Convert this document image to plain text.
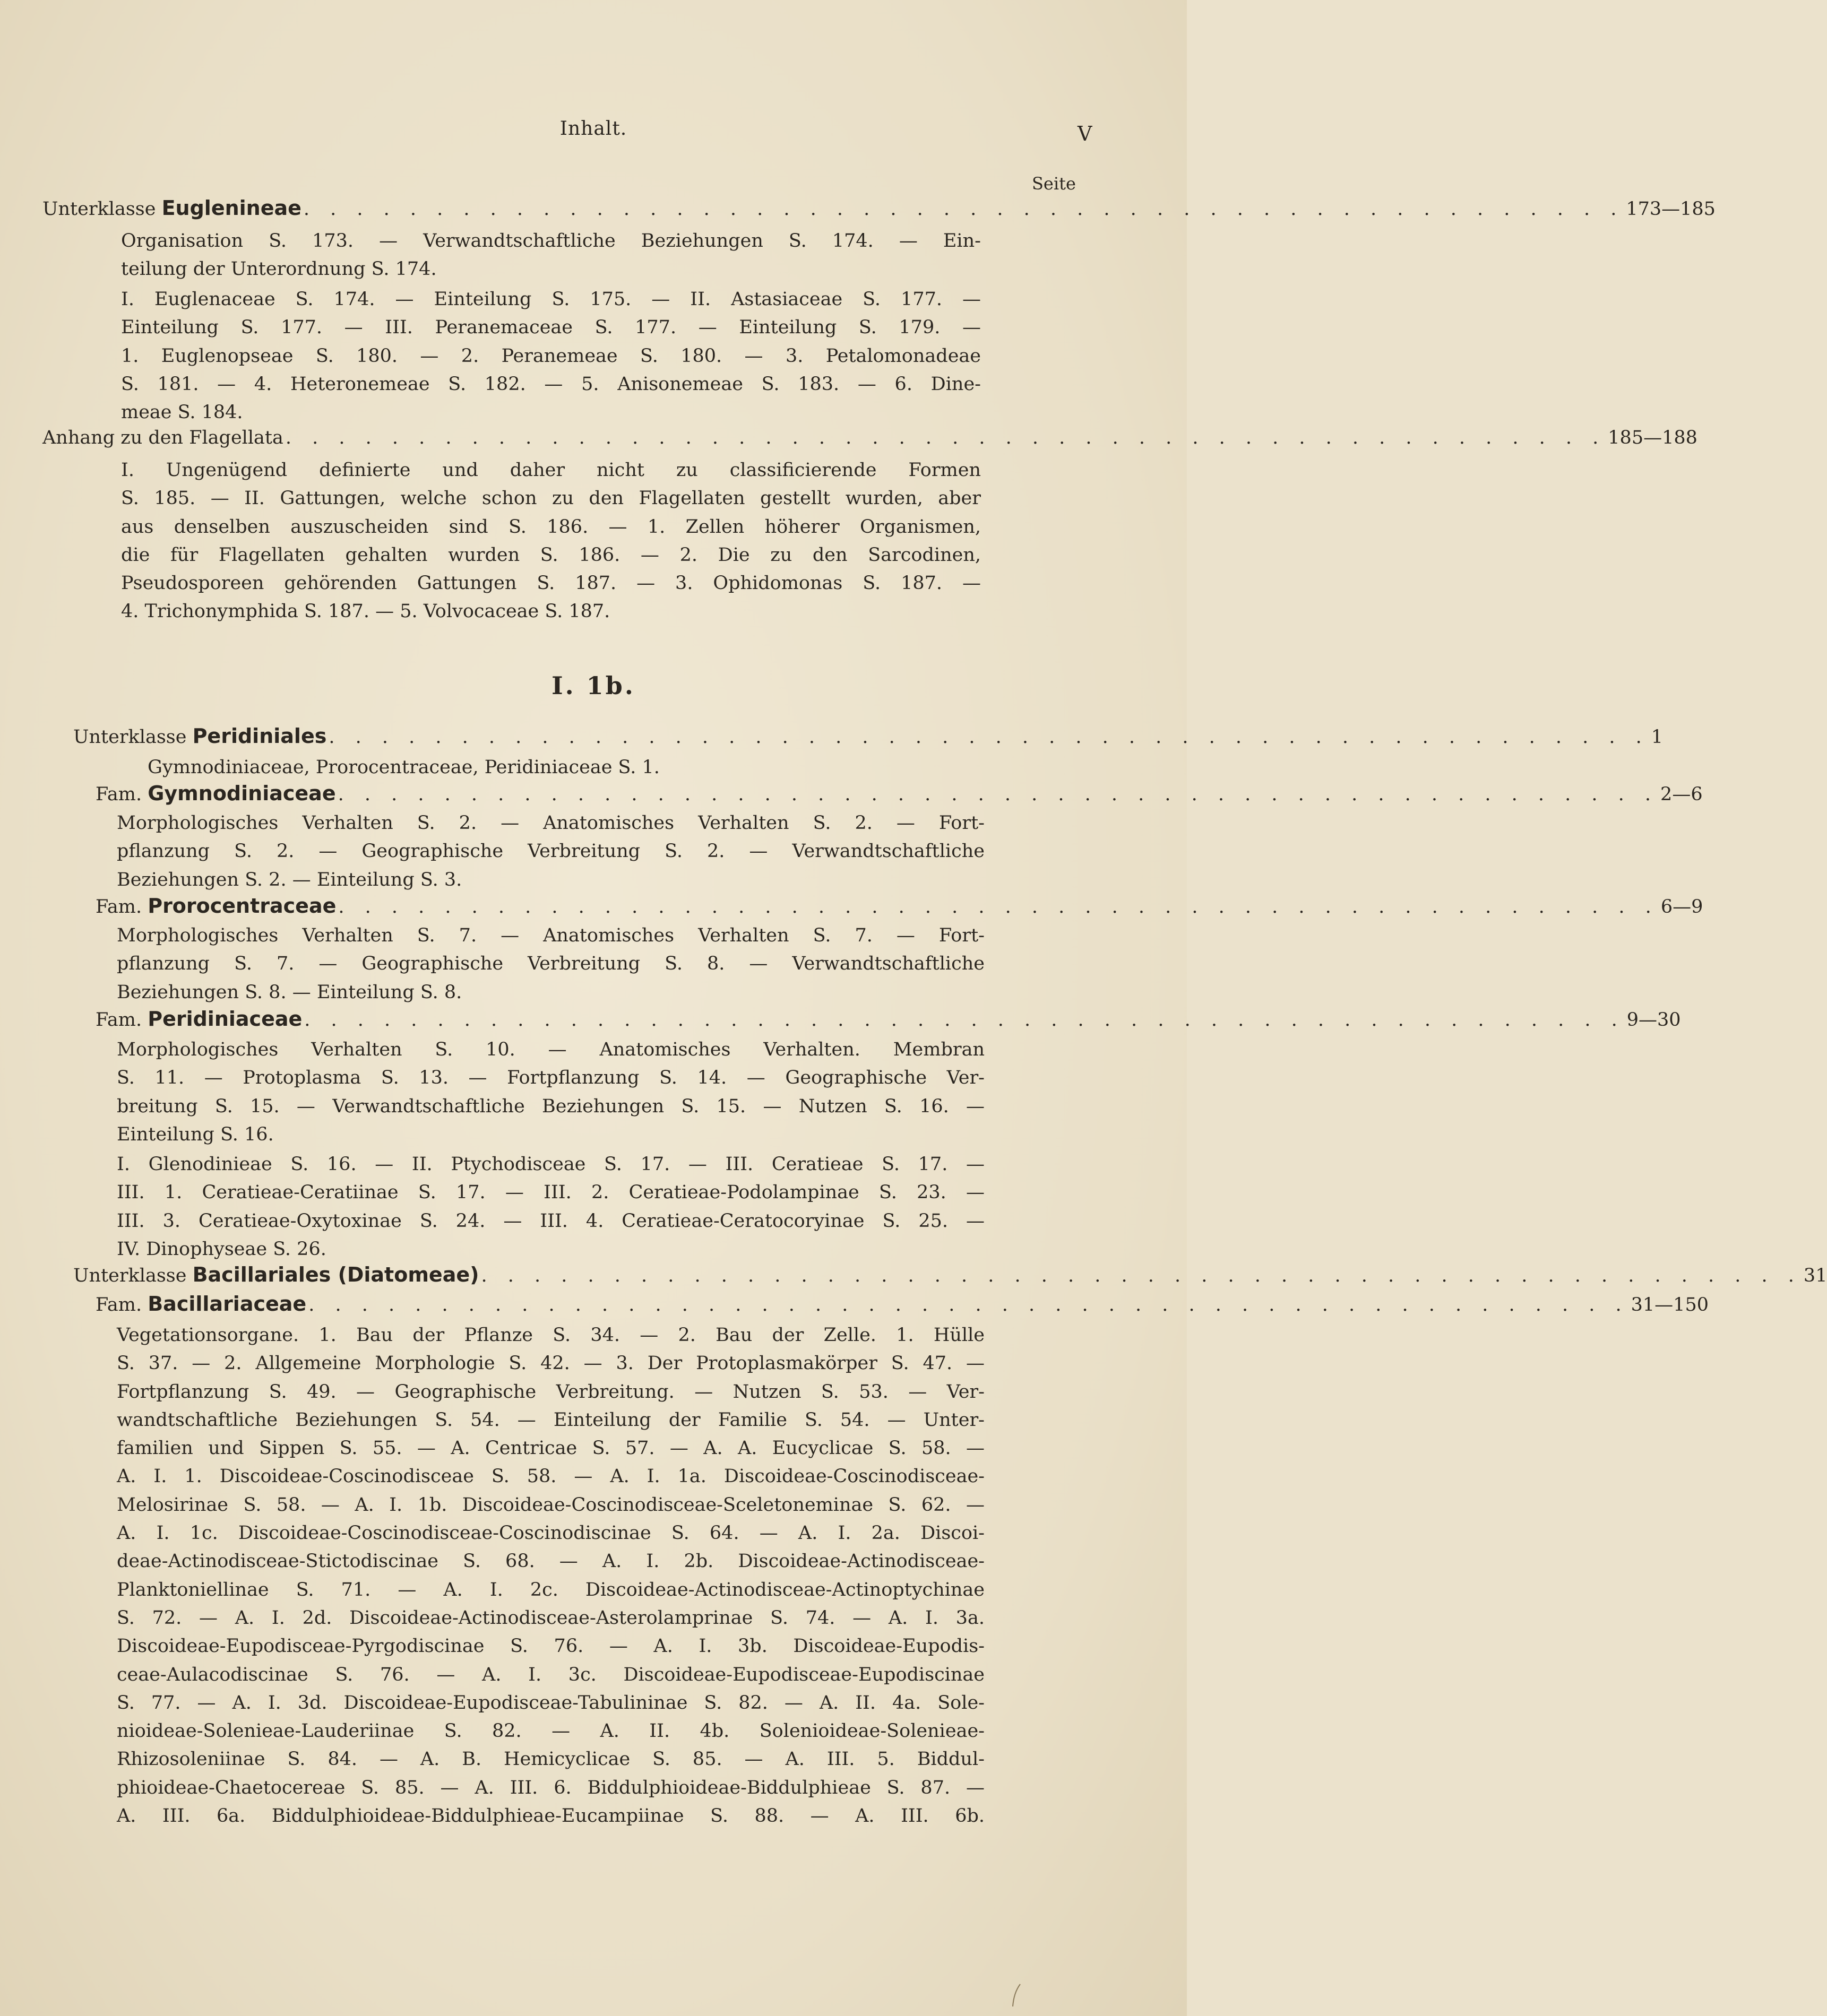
Inhalt.	V
Seite
Unterklasse Euglenineae . . . . . . . . . . . . . . . . . . . . . . . . . . . . . . . . . . . . . . . . . . . . . . . . . . 173—185
Organisation S. 173. — Verwandtschaftliche Beziehungen S. 174. — Ein-
teilung der Unterordnung S. 174.
I. Euglenaceae S. 174. — Einteilung S. 175. — II. Astasiaceae S. 177. —
Einteilung S. 177. — III. Peranemaceae S. 177. — Einteilung S. 179. —
1. Euglenopseae S. 180. — 2. Peranemeae S. 180. — 3. Petalomonadeae
S. 181. — 4. Heteronemeae S. 182. — 5. Anisonemeae S. 183. — 6. Dine-
meae S. 184.
Anhang zu den Flagellata . . . . . . . . . . . . . . . . . . . . . . . . . . . . . . . . . . . . . . . . . . . . . . . . . . 185—188
I. Ungenügend definierte und daher nicht zu classificierende Formen
S. 185. — II. Gattungen, welche schon zu den Flagellaten gestellt wurden, aber
aus denselben auszuscheiden sind S. 186. — 1. Zellen höherer Organismen,
die für Flagellaten gehalten wurden S. 186. — 2. Die zu den Sarcodinen,
Pseudosporeen gehörenden Gattungen S. 187. — 3. Ophidomonas S. 187. —
4. Trichonymphida S. 187. — 5. Volvocaceae S. 187.
I. 1b.
Unterklasse Peridiniales . . . . . . . . . . . . . . . . . . . . . . . . . . . . . . . . . . . . . . . . . . . . . . . . . . 1
Gymnodiniaceae, Prorocentraceae, Peridiniaceae S. 1.
Fam. Gymnodiniaceae . . . . . . . . . . . . . . . . . . . . . . . . . . . . . . . . . . . . . . . . . . . . . . . . . . 2—6
Morphologisches Verhalten S. 2. — Anatomisches Verhalten S. 2. — Fort-
pflanzung S. 2. — Geographische Verbreitung S. 2. — Verwandtschaftliche
Beziehungen S. 2. — Einteilung S. 3.
Fam. Prorocentraceae . . . . . . . . . . . . . . . . . . . . . . . . . . . . . . . . . . . . . . . . . . . . . . . . . . 6—9
Morphologisches Verhalten S. 7. — Anatomisches Verhalten S. 7. — Fort-
pflanzung S. 7. — Geographische Verbreitung S. 8. — Verwandtschaftliche
Beziehungen S. 8. — Einteilung S. 8.
Fam. Peridiniaceae . . . . . . . . . . . . . . . . . . . . . . . . . . . . . . . . . . . . . . . . . . . . . . . . . . 9—30
Morphologisches Verhalten S. 10. — Anatomisches Verhalten. Membran
S. 11. — Protoplasma S. 13. — Fortpflanzung S. 14. — Geographische Ver-
breitung S. 15. — Verwandtschaftliche Beziehungen S. 15. — Nutzen S. 16. —
Einteilung S. 16.
I. Glenodinieae S. 16. — II. Ptychodisceae S. 17. — III. Ceratieae S. 17. —
III. 1. Ceratieae-Ceratiinae S. 17. — III. 2. Ceratieae-Podolampinae S. 23. —
III. 3. Ceratieae-Oxytoxinae S. 24. — III. 4. Ceratieae-Ceratocoryinae S. 25. —
IV. Dinophyseae S. 26.
Unterklasse Bacillariales (Diatomeae) . . . . . . . . . . . . . . . . . . . . . . . . . . . . . . . . . . . . . . . . . . . . . . . . . . 31
Fam. Bacillariaceae . . . . . . . . . . . . . . . . . . . . . . . . . . . . . . . . . . . . . . . . . . . . . . . . . . 31—150
Vegetationsorgane. 1. Bau der Pflanze S. 34. — 2. Bau der Zelle. 1. Hülle
S. 37. — 2. Allgemeine Morphologie S. 42. — 3. Der Protoplasmakörper S. 47. —
Fortpflanzung S. 49. — Geographische Verbreitung. — Nutzen S. 53. — Ver-
wandtschaftliche Beziehungen S. 54. — Einteilung der Familie S. 54. — Unter-
familien und Sippen S. 55. — A. Centricae S. 57. — A. A. Eucyclicae S. 58. —
A. I. 1. Discoideae-Coscinodisceae S. 58. — A. I. 1a. Discoideae-Coscinodisceae-
Melosirinae S. 58. — A. I. 1b. Discoideae-Coscinodisceae-Sceletoneminae S. 62. —
A. I. 1c. Discoideae-Coscinodisceae-Coscinodiscinae S. 64. — A. I. 2a. Discoi-
deae-Actinodisceae-Stictodiscinae S. 68. — A. I. 2b. Discoideae-Actinodisceae-
Planktoniellinae S. 71. — A. I. 2c. Discoideae-Actinodisceae-Actinoptychinae
S. 72. — A. I. 2d. Discoideae-Actinodisceae-Asterolamprinae S. 74. — A. I. 3a.
Discoideae-Eupodisceae-Pyrgodiscinae S. 76. — A. I. 3b. Discoideae-Eupodis-
ceae-Aulacodiscinae S. 76. — A. I. 3c. Discoideae-Eupodisceae-Eupodiscinae
S. 77. — A. I. 3d. Discoideae-Eupodisceae-Tabulininae S. 82. — A. II. 4a. Sole-
nioideae-Solenieae-Lauderiinae S. 82. — A. II. 4b. Solenioideae-Solenieae-
Rhizosoleniinae S. 84. — A. B. Hemicyclicae S. 85. — A. III. 5. Biddul-
phioideae-Chaetocereae S. 85. — A. III. 6. Biddulphioideae-Biddulphieae S. 87. —
A. III. 6a. Biddulphioideae-Biddulphieae-Eucampiinae S. 88. — A. III. 6b.
